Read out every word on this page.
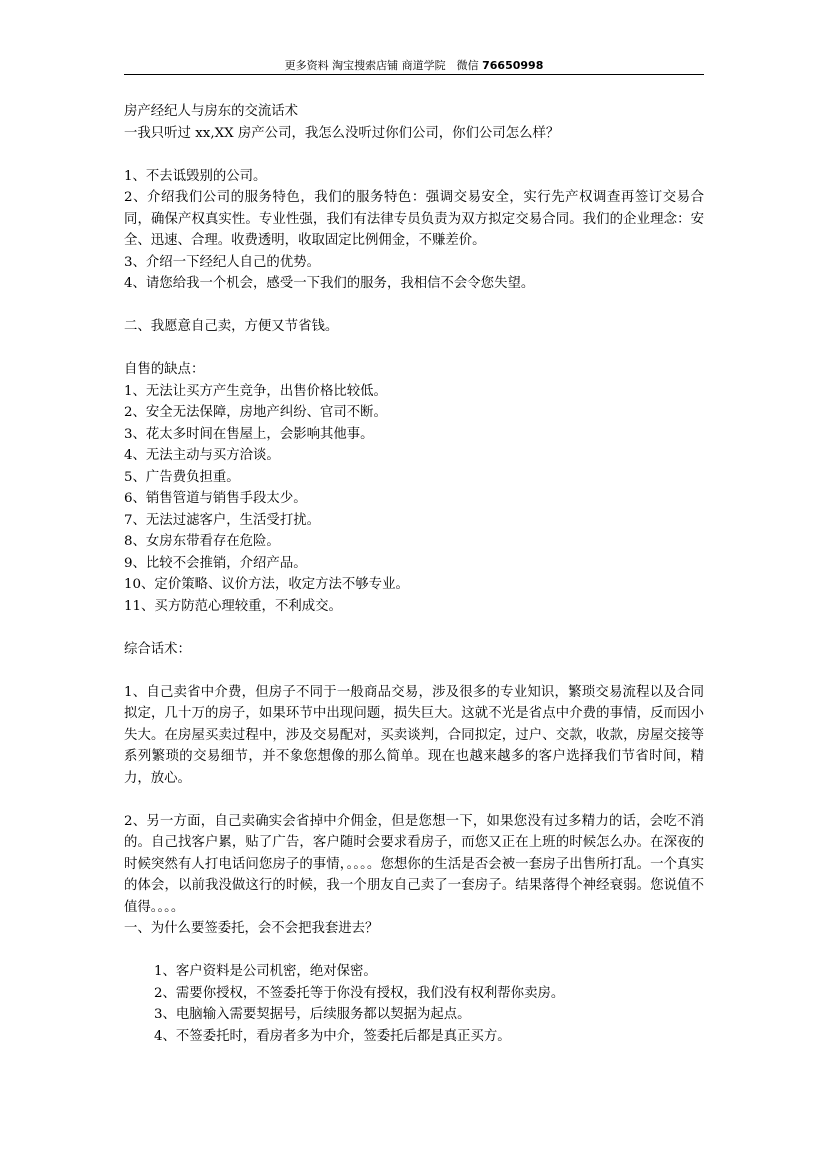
更多资料 淘宝搜索店铺 商道学院　微信 76650998

房产经纪人与房东的交流话术

一我只听过 xx,XX 房产公司，我怎么没听过你们公司，你们公司怎么样？

1、不去诋毁别的公司。

2、介绍我们公司的服务特色，我们的服务特色：强调交易安全，实行先产权调查再签订交易合同，确保产权真实性。专业性强，我们有法律专员负责为双方拟定交易合同。我们的企业理念：安全、迅速、合理。收费透明，收取固定比例佣金，不赚差价。

3、介绍一下经纪人自己的优势。

4、请您给我一个机会，感受一下我们的服务，我相信不会令您失望。

二、我愿意自己卖，方便又节省钱。

自售的缺点：

1、无法让买方产生竞争，出售价格比较低。

2、安全无法保障，房地产纠纷、官司不断。

3、花太多时间在售屋上，会影响其他事。

4、无法主动与买方洽谈。

5、广告费负担重。

6、销售管道与销售手段太少。

7、无法过滤客户，生活受打扰。

8、女房东带看存在危险。

9、比较不会推销，介绍产品。

10、定价策略、议价方法，收定方法不够专业。

11、买方防范心理较重，不利成交。

综合话术：

1、自己卖省中介费，但房子不同于一般商品交易，涉及很多的专业知识，繁琐交易流程以及合同拟定，几十万的房子，如果环节中出现问题，损失巨大。这就不光是省点中介费的事情，反而因小失大。在房屋买卖过程中，涉及交易配对，买卖谈判，合同拟定，过户、交款，收款，房屋交接等系列繁琐的交易细节，并不象您想像的那么简单。现在也越来越多的客户选择我们节省时间，精力，放心。

2、另一方面，自己卖确实会省掉中介佣金，但是您想一下，如果您没有过多精力的话，会吃不消的。自己找客户累，贴了广告，客户随时会要求看房子，而您又正在上班的时候怎么办。在深夜的时候突然有人打电话问您房子的事情，。。。。您想你的生活是否会被一套房子出售所打乱。一个真实的体会，以前我没做这行的时候，我一个朋友自己卖了一套房子。结果落得个神经衰弱。您说值不值得。。。。

一、为什么要签委托，会不会把我套进去？

1、客户资料是公司机密，绝对保密。

2、需要你授权，不签委托等于你没有授权，我们没有权利帮你卖房。

3、电脑输入需要契据号，后续服务都以契据为起点。

4、不签委托时，看房者多为中介，签委托后都是真正买方。
